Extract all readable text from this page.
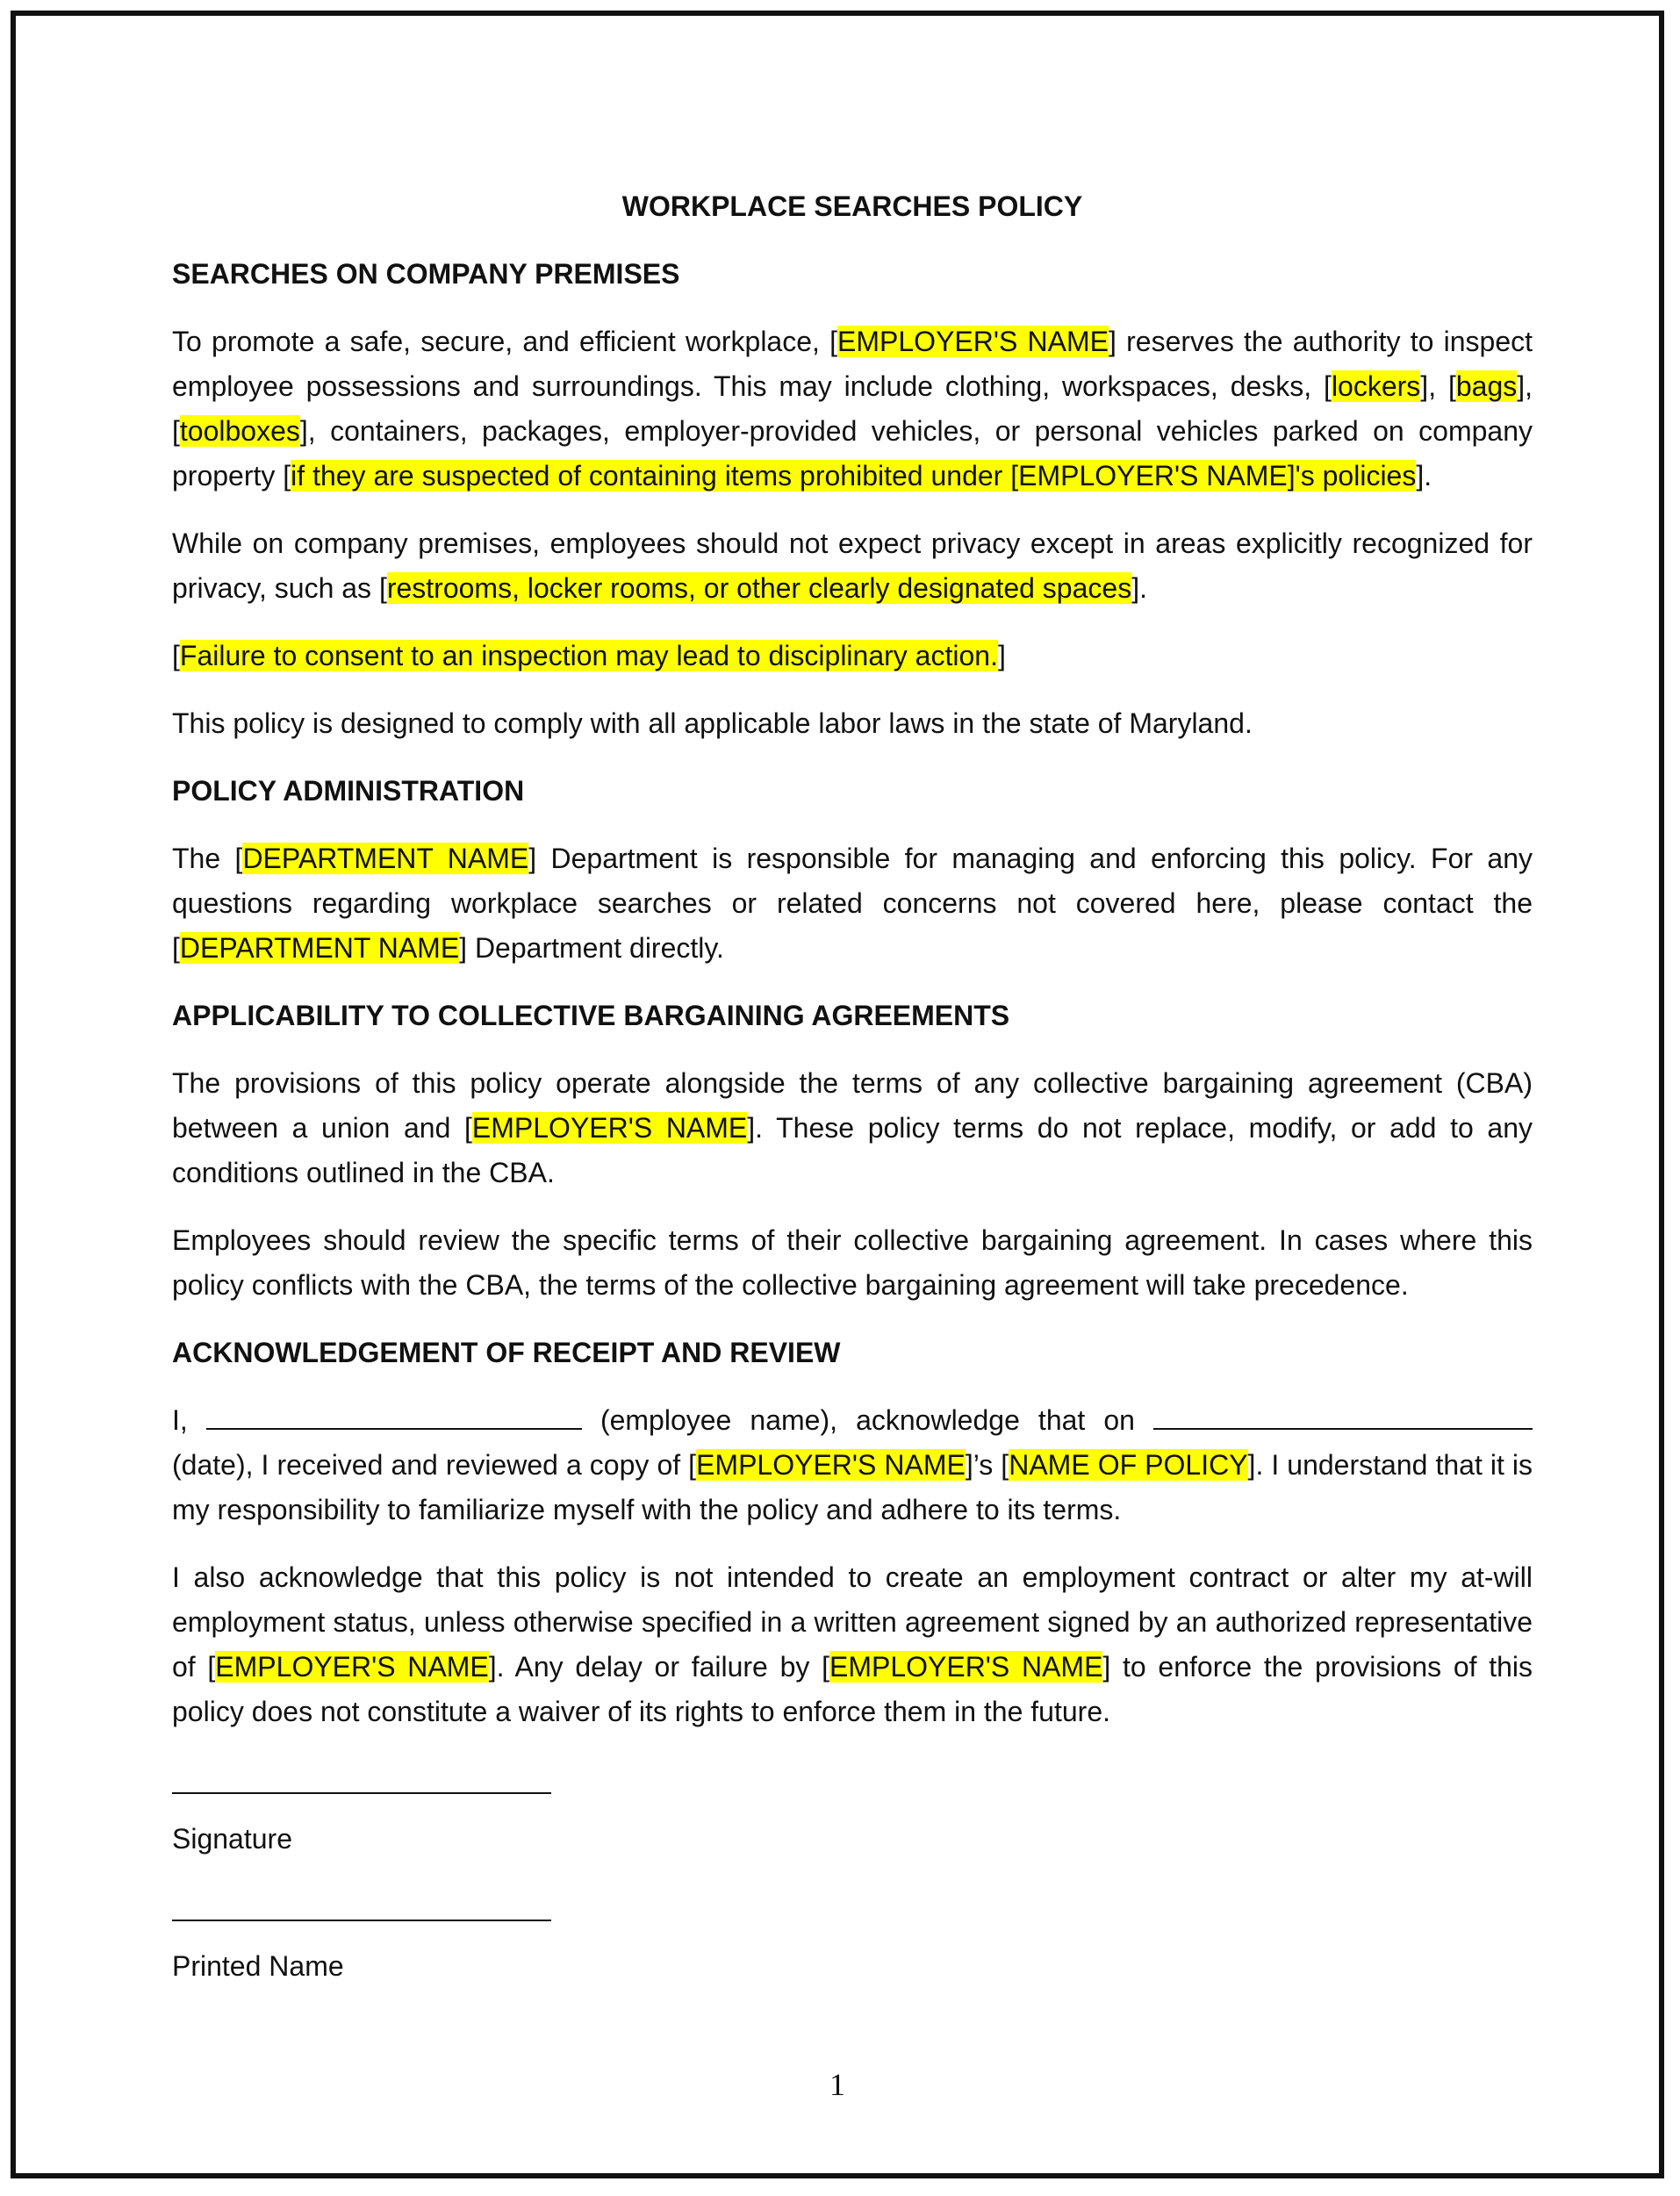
WORKPLACE SEARCHES POLICY
SEARCHES ON COMPANY PREMISES

To promote a safe, secure, and efficient workplace, [EMPLOYER'S NAME] reserves the authority to inspect employee possessions and surroundings. This may include clothing, workspaces, desks, [lockers], [bags], [toolboxes], containers, packages, employer-provided vehicles, or personal vehicles parked on company property [if they are suspected of containing items prohibited under [EMPLOYER'S NAME]'s policies].

While on company premises, employees should not expect privacy except in areas explicitly recognized for privacy, such as [restrooms, locker rooms, or other clearly designated spaces].

[Failure to consent to an inspection may lead to disciplinary action.]

This policy is designed to comply with all applicable labor laws in the state of Maryland.

POLICY ADMINISTRATION

The [DEPARTMENT NAME] Department is responsible for managing and enforcing this policy. For any questions regarding workplace searches or related concerns not covered here, please contact the [DEPARTMENT NAME] Department directly.

APPLICABILITY TO COLLECTIVE BARGAINING AGREEMENTS

The provisions of this policy operate alongside the terms of any collective bargaining agreement (CBA) between a union and [EMPLOYER'S NAME]. These policy terms do not replace, modify, or add to any conditions outlined in the CBA.

Employees should review the specific terms of their collective bargaining agreement. In cases where this policy conflicts with the CBA, the terms of the collective bargaining agreement will take precedence.

ACKNOWLEDGEMENT OF RECEIPT AND REVIEW

I,	(employee name), acknowledge that on  (date), I received and reviewed a copy of [EMPLOYER'S NAME]’s [NAME OF POLICY]. I understand that it is my responsibility to familiarize myself with the policy and adhere to its terms.

I also acknowledge that this policy is not intended to create an employment contract or alter my at-will employment status, unless otherwise specified in a written agreement signed by an authorized representative of [EMPLOYER'S NAME]. Any delay or failure by [EMPLOYER'S NAME] to enforce the provisions of this policy does not constitute a waiver of its rights to enforce them in the future.

Signature
Printed Name
1
